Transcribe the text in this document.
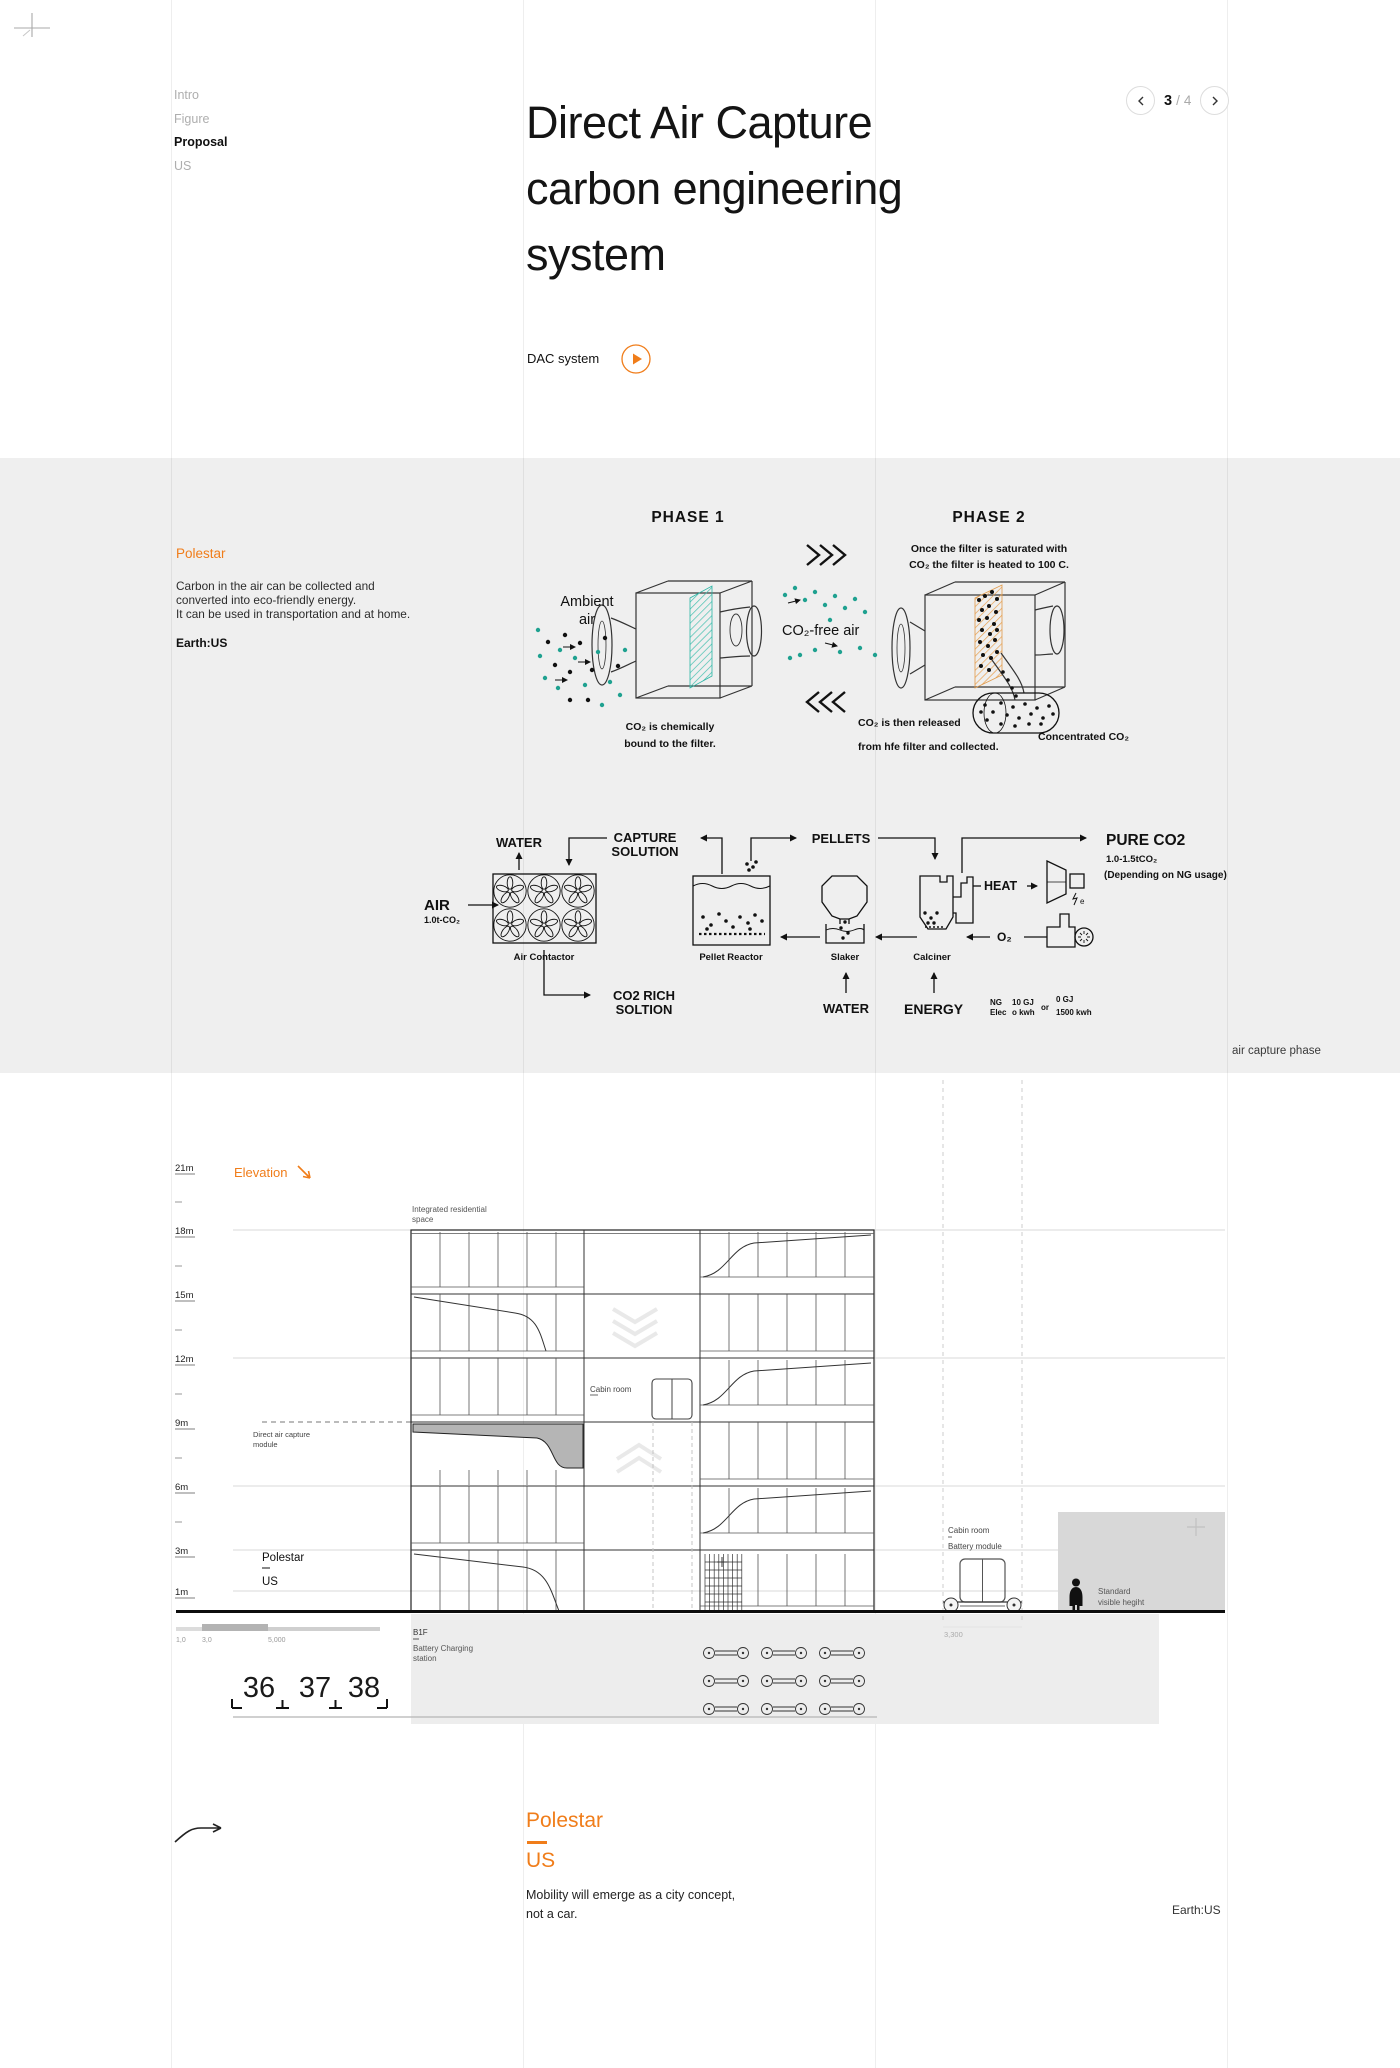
Intro
Figure
Proposal
US
Direct Air Capture
carbon engineering
system
3 / 4
DAC system
Polestar
Carbon in the air can be collected and
converted into eco-friendly energy.
It can be used in transportation and at home.
Earth:US
PHASE 1
Ambient
air
CO₂-free air
CO₂ is chemically
bound to the filter.
PHASE 2
Once the filter is saturated with
CO₂ the filter is heated to 100 C.
Concentrated CO₂
CO₂ is then released
from hfe filter and collected.
e
AIR
1.0t-CO₂
WATER	CAPTURE
SOLUTION
PELLETS	PURE CO2
1.0-1.5tCO₂
(Depending on NG usage)
HEAT
O₂
CO2 RICH
SOLTION	WATER	ENERGY	NG
Elec
10 GJ
o kwh
or
0 GJ
1500 kwh
Air Contactor	Pellet Reactor	Slaker	Calciner
air capture phase
21m
18m
15m
12m
9m
6m
3m
1m
Elevation
Direct air capture
module
Integrated residential
space
Cabin room
Polestar
US
Cabin room
Battery module
3,300
Standard
visible hegiht
B1F
Battery Charging
station
1,0 3,0	5,000
36 37 38
Polestar
US
Mobility will emerge as a city concept,
not a car.	Earth:US
